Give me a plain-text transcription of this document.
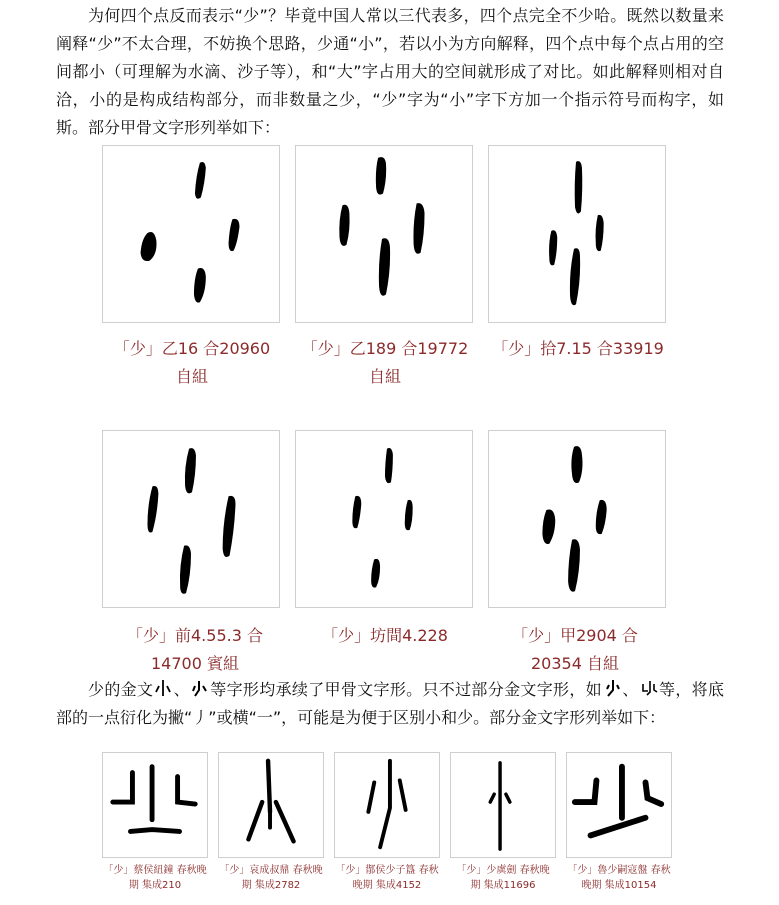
为何四个点反而表示“少”？毕竟中国人常以三代表多，四个点完全不少哈。既然以数量来阐释“少”不太合理，不妨换个思路，少通“小”，若以小为方向解释，四个点中每个点占用的空间都小（可理解为水滴、沙子等），和“大”字占用大的空间就形成了对比。如此解释则相对自洽，小的是构成结构部分，而非数量之少，“少”字为“小”字下方加一个指示符号而构字，如斯。部分甲骨文字形列举如下：

「少」乙16 合20960
自組
「少」乙189 合19772
自組
「少」拾7.15 合33919
「少」前4.55.3 合
14700 賓組
「少」坊間4.228	「少」甲2904 合
20354 自組

少的金文 、 等字形均承续了甲骨文字形。只不过部分金文字形，如 、 等，将底部的一点衍化为撇“丿”或横“一”，可能是为便于区别小和少。部分金文字形列举如下：

「少」蔡侯紐鐘 春秋晚
期 集成210
「少」哀成叔鼎 春秋晚
期 集成2782
「少」鄁侯少子簋 春秋
晚期 集成4152
「少」少虡劍 春秋晚
期 集成11696
「少」魯少嗣寇盤 春秋
晚期 集成10154
